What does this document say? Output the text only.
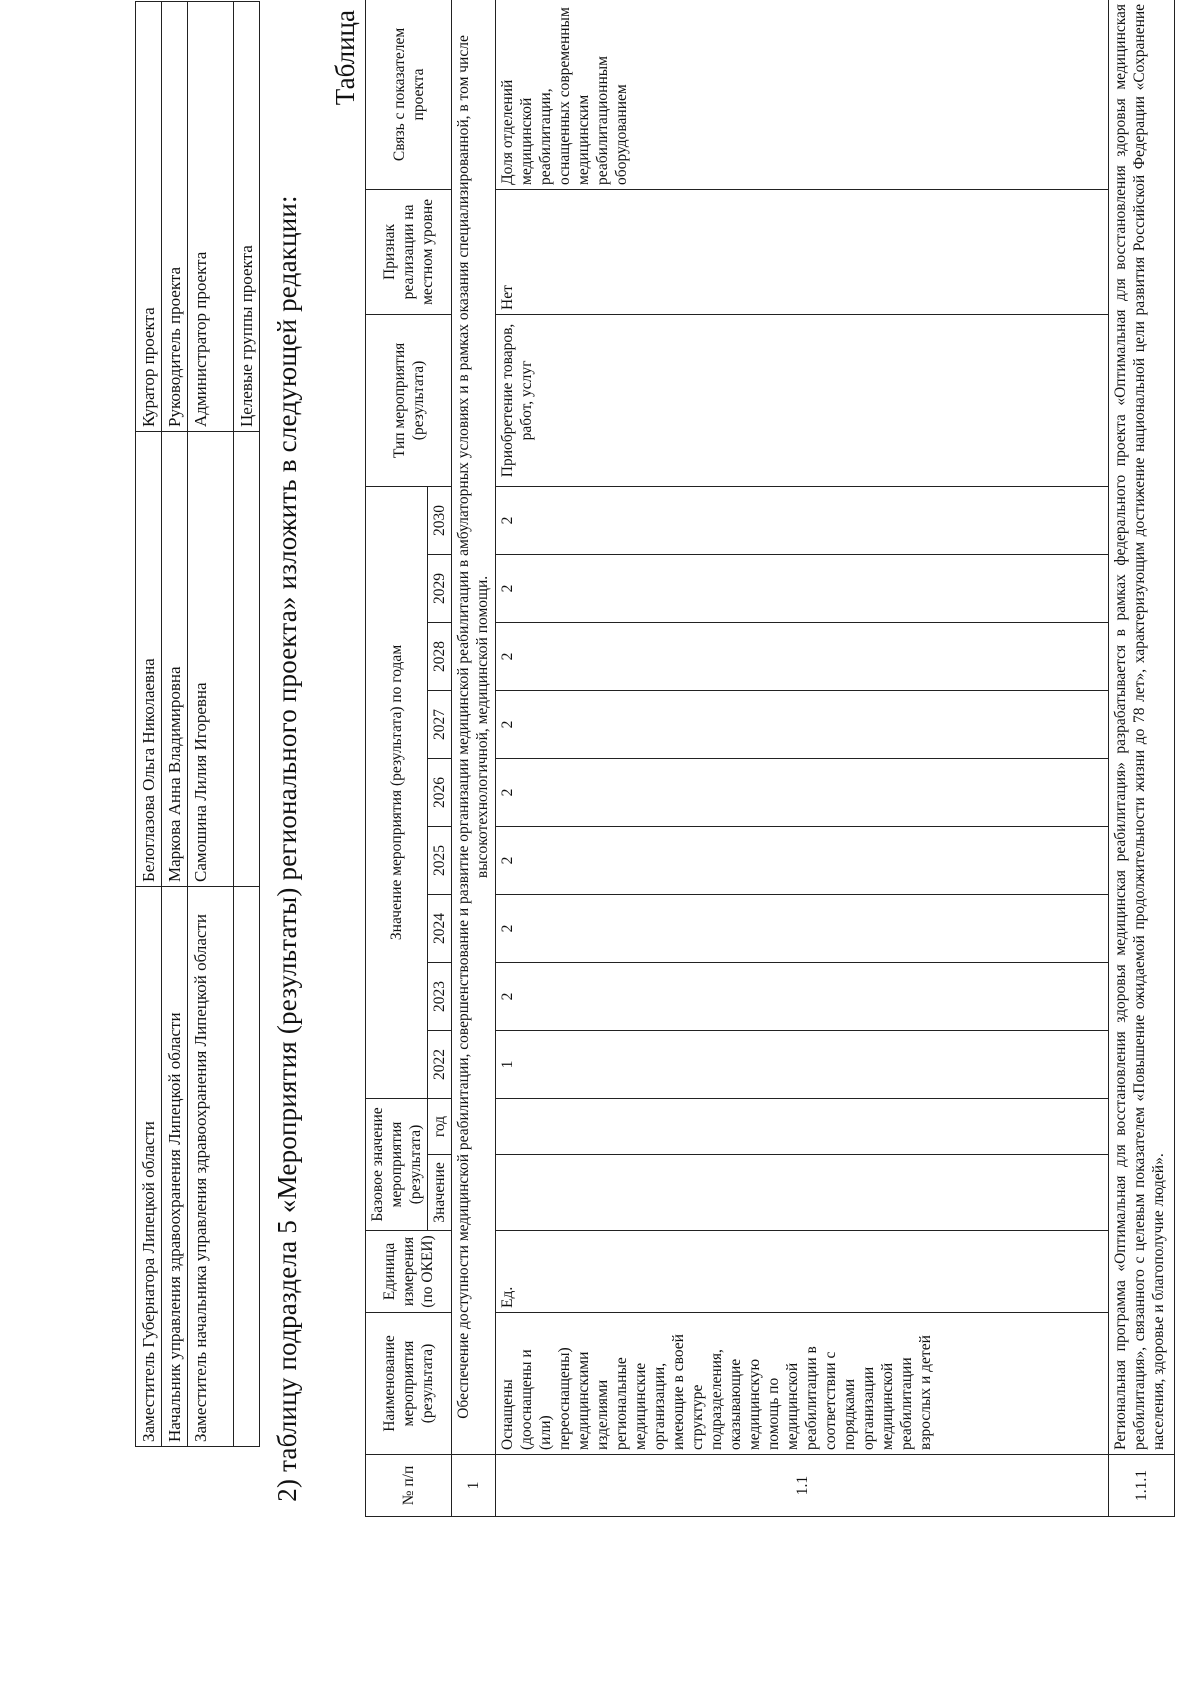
Заместитель Губернатора Липецкой области	Белоглазова Ольга Николаевна	Куратор проекта
Начальник управления здравоохранения Липецкой области	Маркова Анна Владимировна	Руководитель проекта
Заместитель начальника управления здравоохранения Липецкой области	Самошина Лилия Игоревна	Администратор проекта
		Целевые группы проекта 2) таблицу подраздела 5 «Мероприятия (результаты) регионального проекта» изложить в следующей редакции:
Таблица
№ п/п	Наименование мероприятия (результата)	Единица измерения (по ОКЕИ)	Базовое значение мероприятия (результата)		Значение мероприятия (результата) по годам									Тип мероприятия (результата)	Признак реализации на местном уровне	Связь с показателем проекта
			Значение	год	2022	2023	2024	2025	2026	2027	2028	2029	2030			
1	Обеспечение доступности медицинской реабилитации, совершенствование и развитие организации медицинской реабилитации в амбулаторных условиях и в рамках оказания специализированной, в том числе высокотехнологичной, медицинской помощи.															
1.1	Оснащены (дооснащены и (или) переоснащены) медицинскими изделиями региональные медицинские организации, имеющие в своей структуре подразделения, оказывающие медицинскую помощь по медицинской реабилитации в соответствии с порядками организации медицинской реабилитации взрослых и детей	Ед.			1	2	2	2	2	2	2	2	2	Приобретение товаров, работ, услуг	Нет	Доля отделений медицинской реабилитации, оснащенных современным медицинским реабилитационным оборудованием
1.1.1	Региональная программа «Оптимальная для восстановления здоровья медицинская реабилитация» разрабатывается в рамках федерального проекта «Оптимальная для восстановления здоровья медицинская реабилитация», связанного с целевым показателем «Повышение ожидаемой продолжительности жизни до 78 лет», характеризующим достижение национальной цели развития Российской Федерации «Сохранение населения, здоровье и благополучие людей».															
